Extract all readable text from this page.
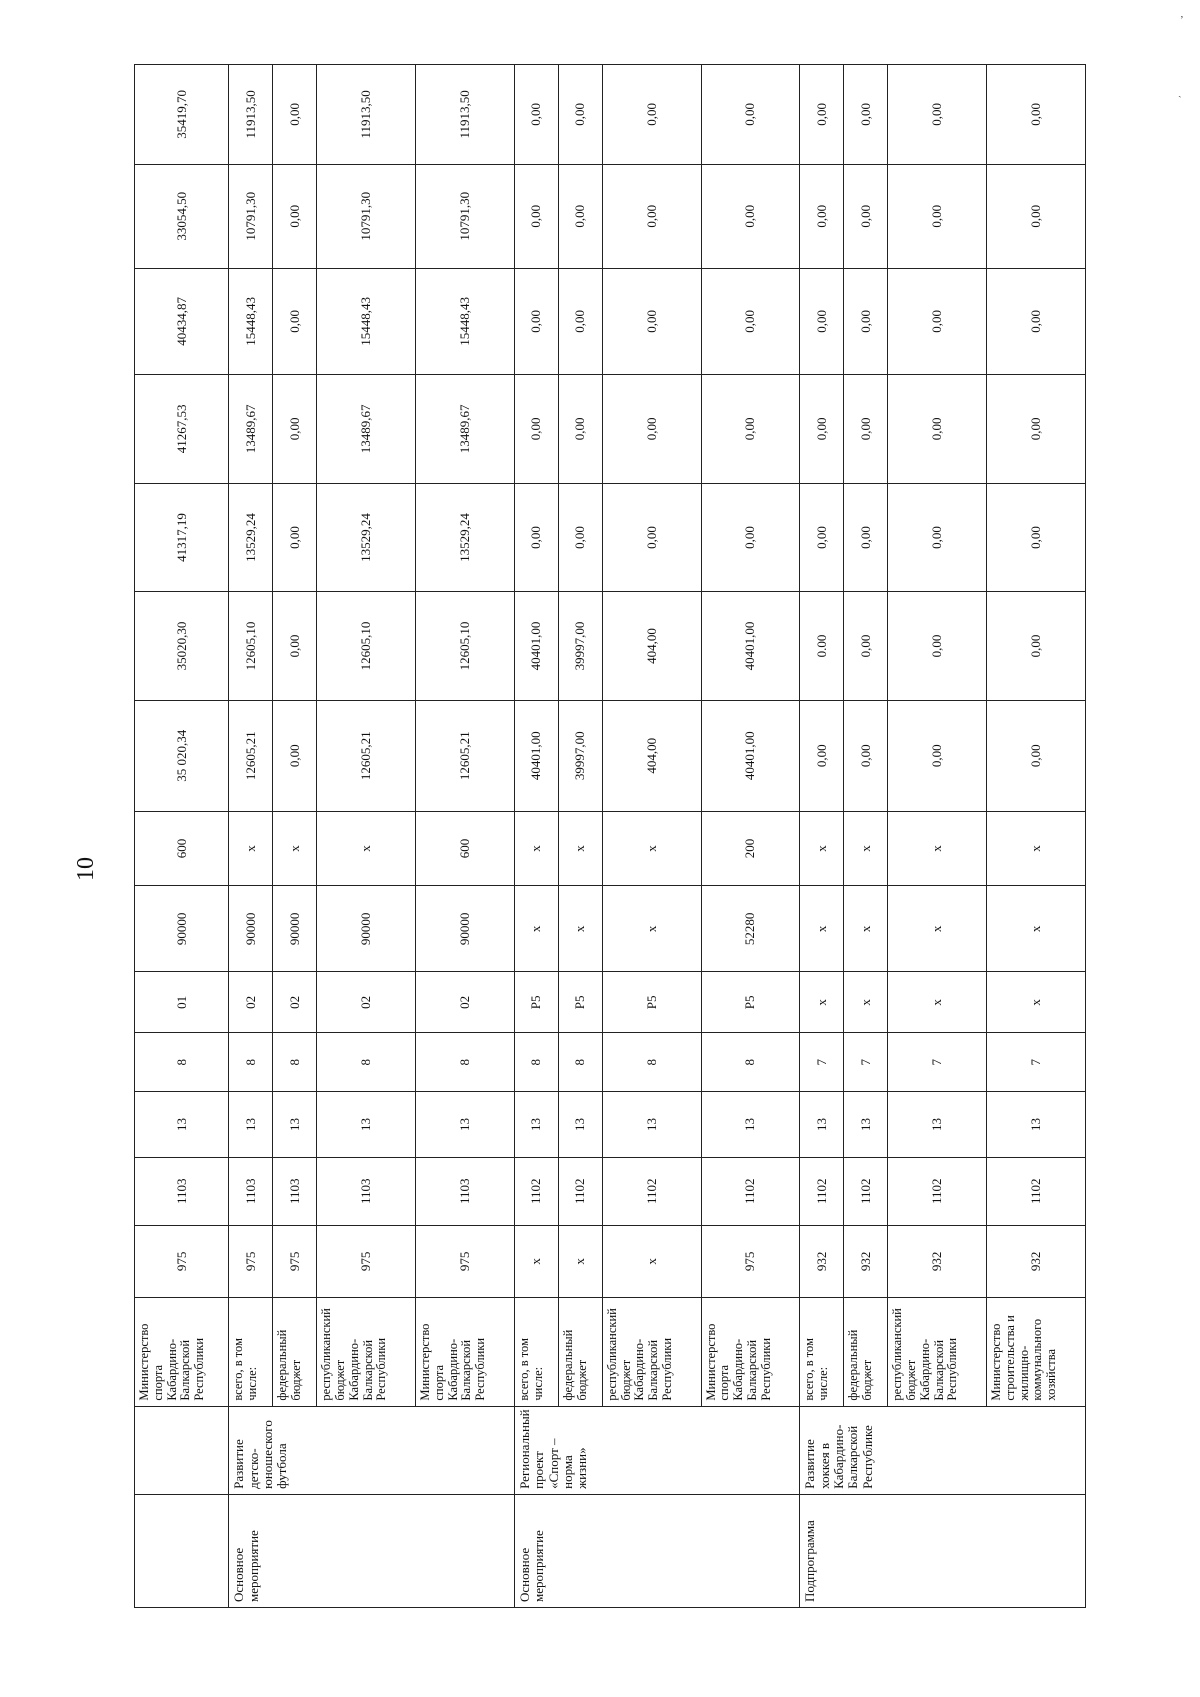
’
ˎ
10
		Министерство спорта Кабардино-Балкарской Республики	975	1103	13	8	01	90000	600	35 020,34	35020,30	41317,19	41267,53	40434,87	33054,50	35419,70
Основное мероприятие	Развитие детско-юношеского футбола	всего, в том числе:	975	1103	13	8	02	90000	х	12605,21	12605,10	13529,24	13489,67	15448,43	10791,30	11913,50
		федеральный бюджет	975	1103	13	8	02	90000	х	0,00	0,00	0,00	0,00	0,00	0,00	0,00
		республиканский бюджет Кабардино-Балкарской Республики	975	1103	13	8	02	90000	х	12605,21	12605,10	13529,24	13489,67	15448,43	10791,30	11913,50
		Министерство спорта Кабардино-Балкарской Республики	975	1103	13	8	02	90000	600	12605,21	12605,10	13529,24	13489,67	15448,43	10791,30	11913,50
Основное мероприятие	Региональный проект «Спорт – норма жизни»	всего, в том числе:	х	1102	13	8	Р5	х	х	40401,00	40401,00	0,00	0,00	0,00	0,00	0,00
		федеральный бюджет	х	1102	13	8	Р5	х	х	39997,00	39997,00	0,00	0,00	0,00	0,00	0,00
		республиканский бюджет Кабардино-Балкарской Республики	х	1102	13	8	Р5	х	х	404,00	404,00	0,00	0,00	0,00	0,00	0,00
		Министерство спорта Кабардино-Балкарской Республики	975	1102	13	8	Р5	52280	200	40401,00	40401,00	0,00	0,00	0,00	0,00	0,00
Подпрограмма	Развитие хоккея в Кабардино-Балкарской Республике	всего, в том числе:	932	1102	13	7	х	х	х	0,00	0.00	0,00	0,00	0,00	0,00	0,00
		федеральный бюджет	932	1102	13	7	х	х	х	0,00	0,00	0,00	0,00	0,00	0,00	0,00
		республиканский бюджет Кабардино-Балкарской Республики	932	1102	13	7	х	х	х	0,00	0,00	0,00	0,00	0,00	0,00	0,00
		Министерство строительства и жилищно-коммунального хозяйства	932	1102	13	7	х	х	х	0,00	0,00	0,00	0,00	0,00	0,00	0,00
